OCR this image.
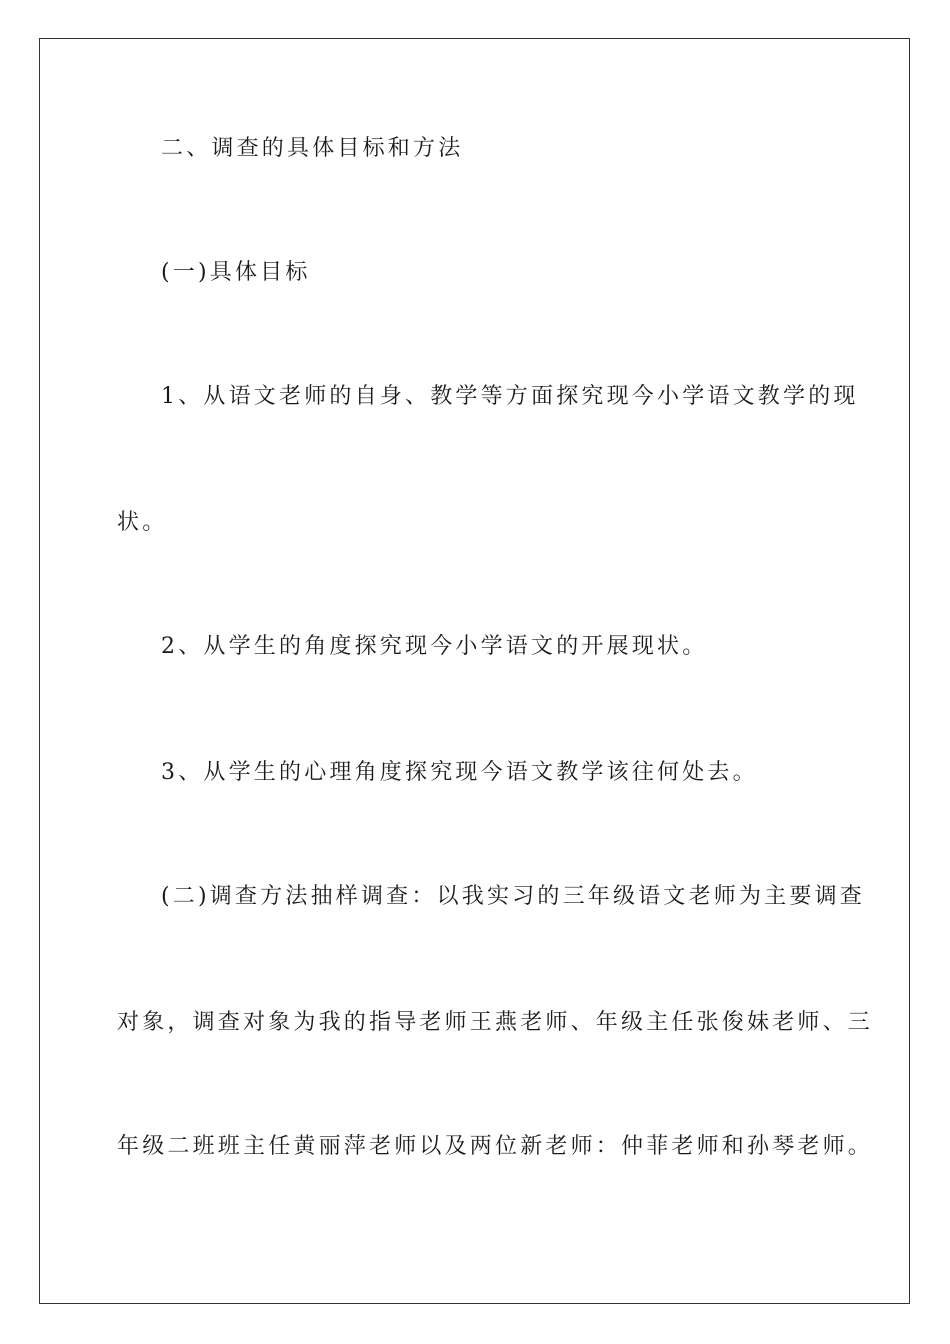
二、调查的具体目标和方法
(一)具体目标
1、从语文老师的自身、教学等方面探究现今小学语文教学的现
状。
2、从学生的角度探究现今小学语文的开展现状。
3、从学生的心理角度探究现今语文教学该往何处去。
(二)调查方法抽样调查：以我实习的三年级语文老师为主要调查
对象，调查对象为我的指导老师王燕老师、年级主任张俊妹老师、三
年级二班班主任黄丽萍老师以及两位新老师：仲菲老师和孙琴老师。
